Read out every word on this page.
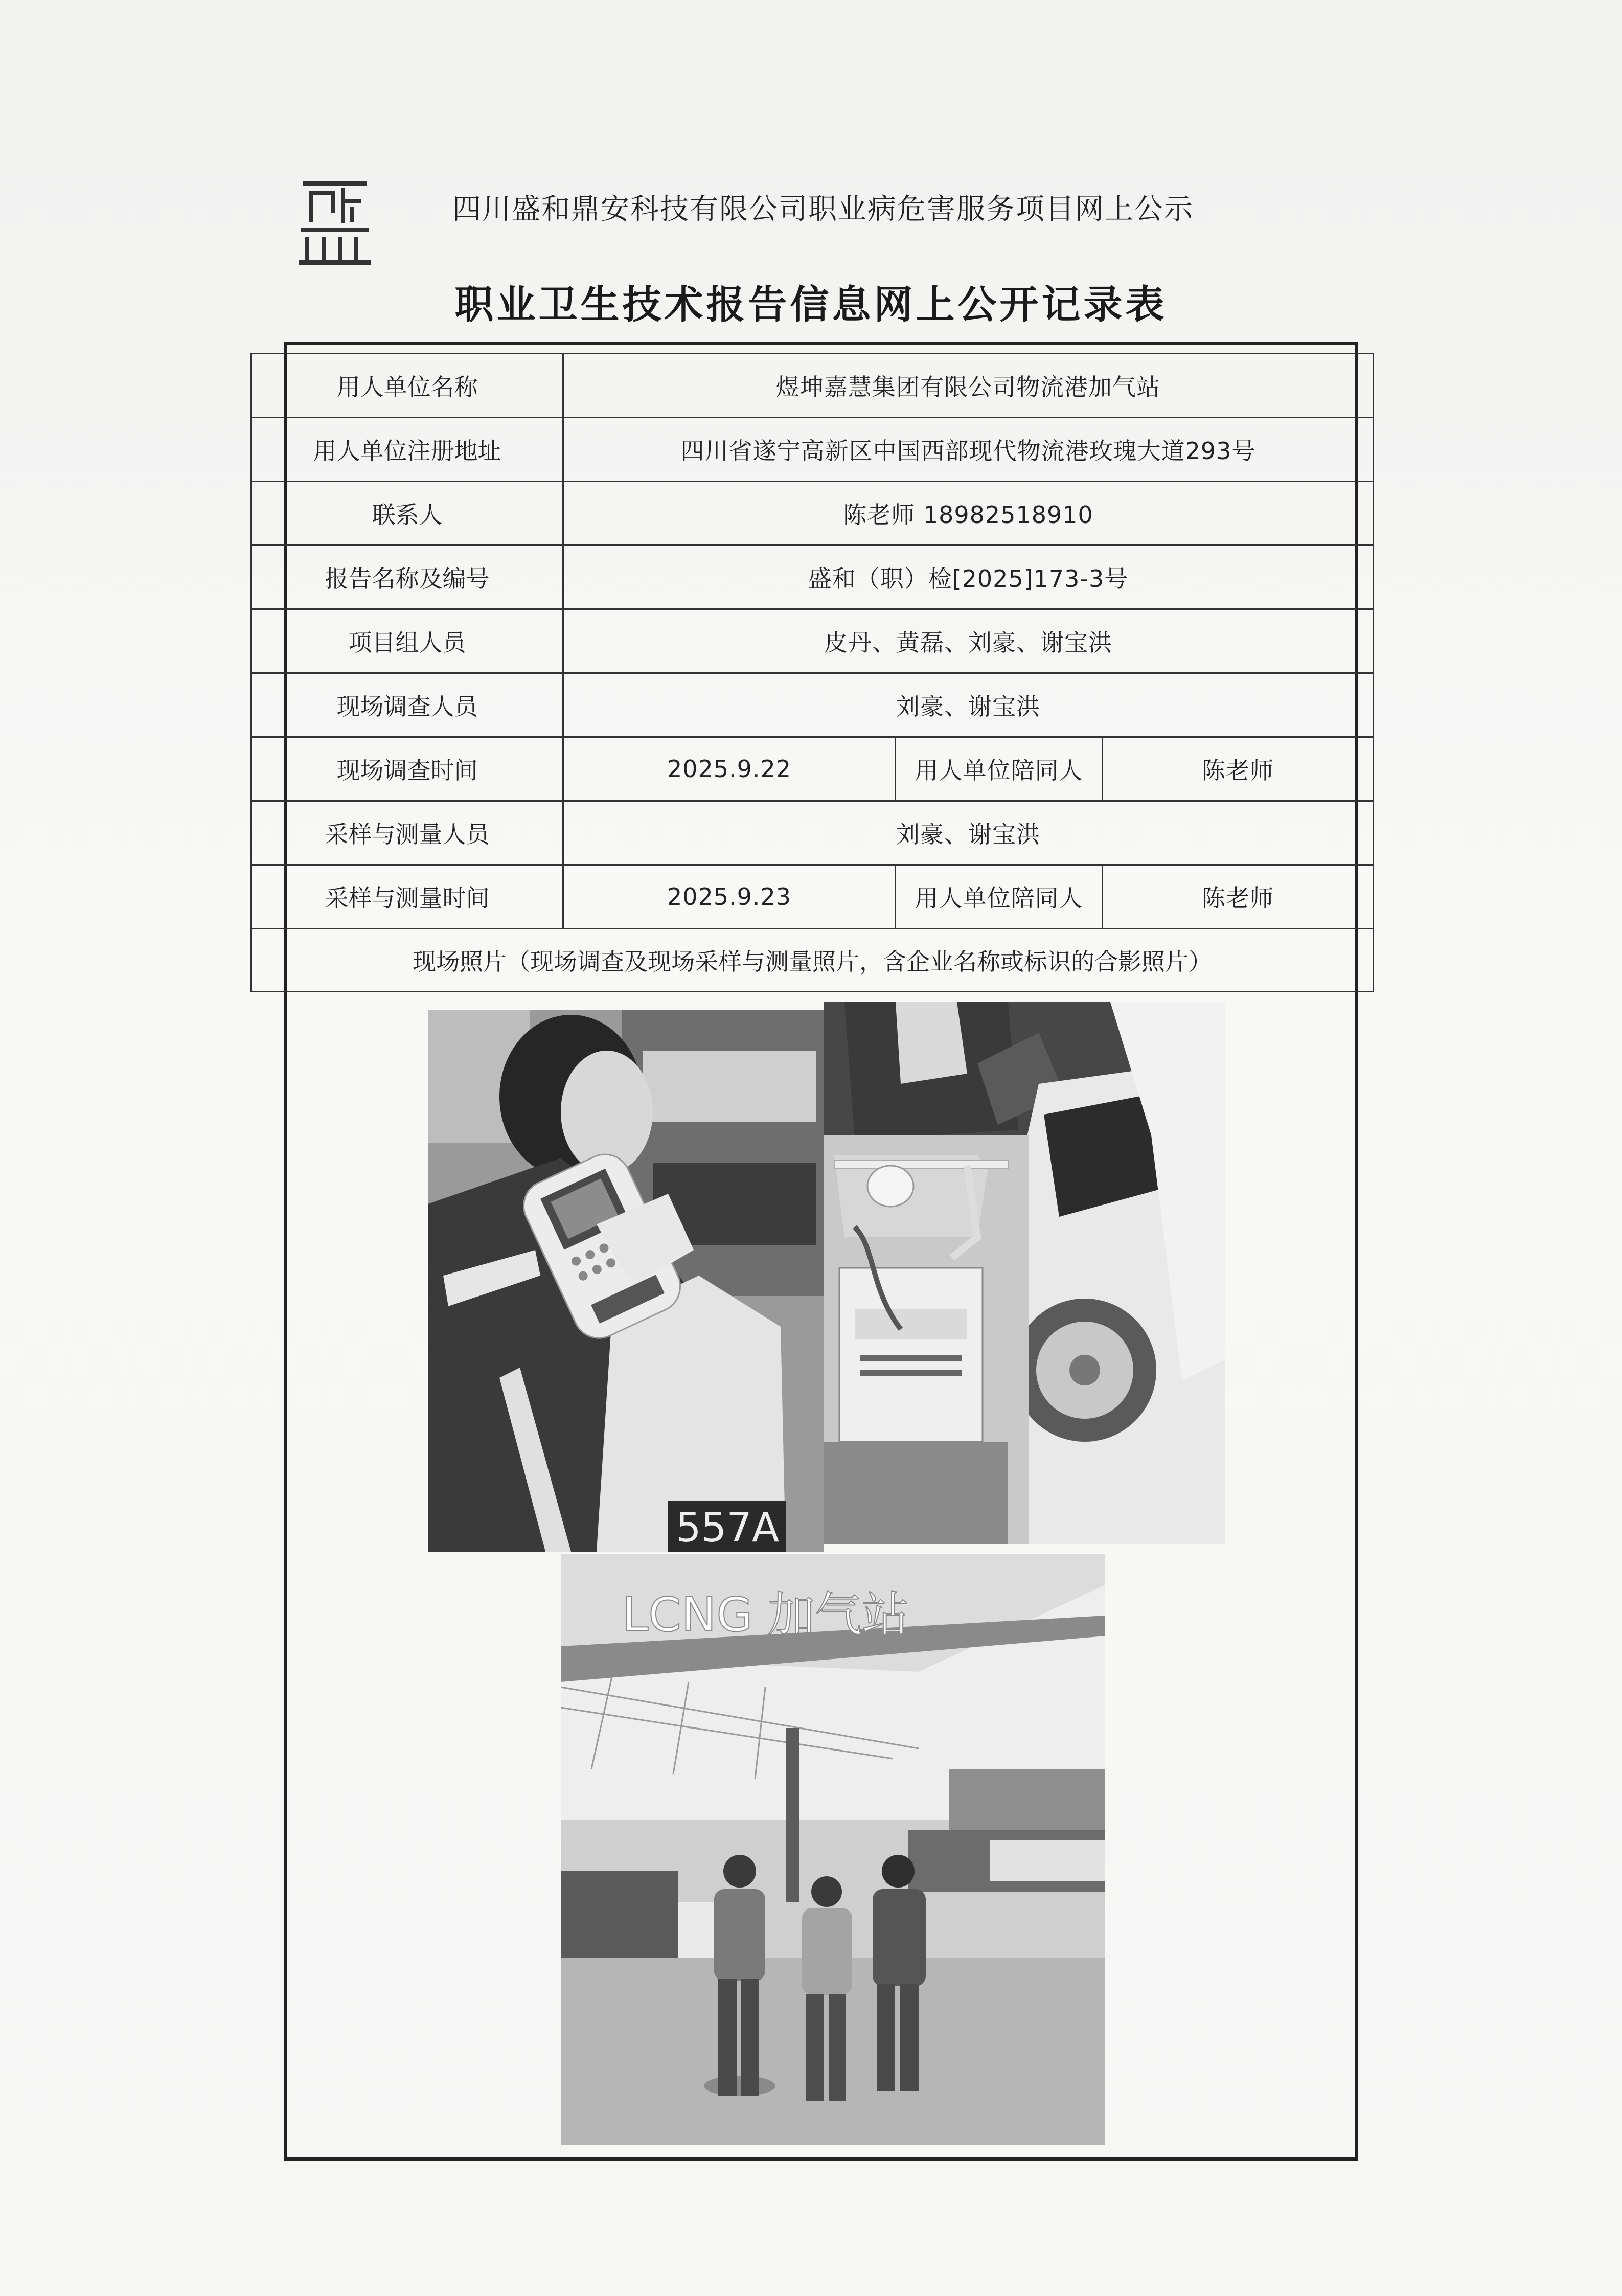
四川盛和鼎安科技有限公司职业病危害服务项目网上公示
职业卫生技术报告信息网上公开记录表
用人单位名称	煜坤嘉慧集团有限公司物流港加气站		
用人单位注册地址	四川省遂宁高新区中国西部现代物流港玫瑰大道293号		
联系人	陈老师 18982518910		
报告名称及编号	盛和（职）检[2025]173-3号		
项目组人员	皮丹、黄磊、刘豪、谢宝洪		
现场调查人员	刘豪、谢宝洪		
现场调查时间	2025.9.22	用人单位陪同人	陈老师
采样与测量人员	刘豪、谢宝洪		
采样与测量时间	2025.9.23	用人单位陪同人	陈老师
现场照片（现场调查及现场采样与测量照片，含企业名称或标识的合影照片）			
557A
LCNG 加气站
